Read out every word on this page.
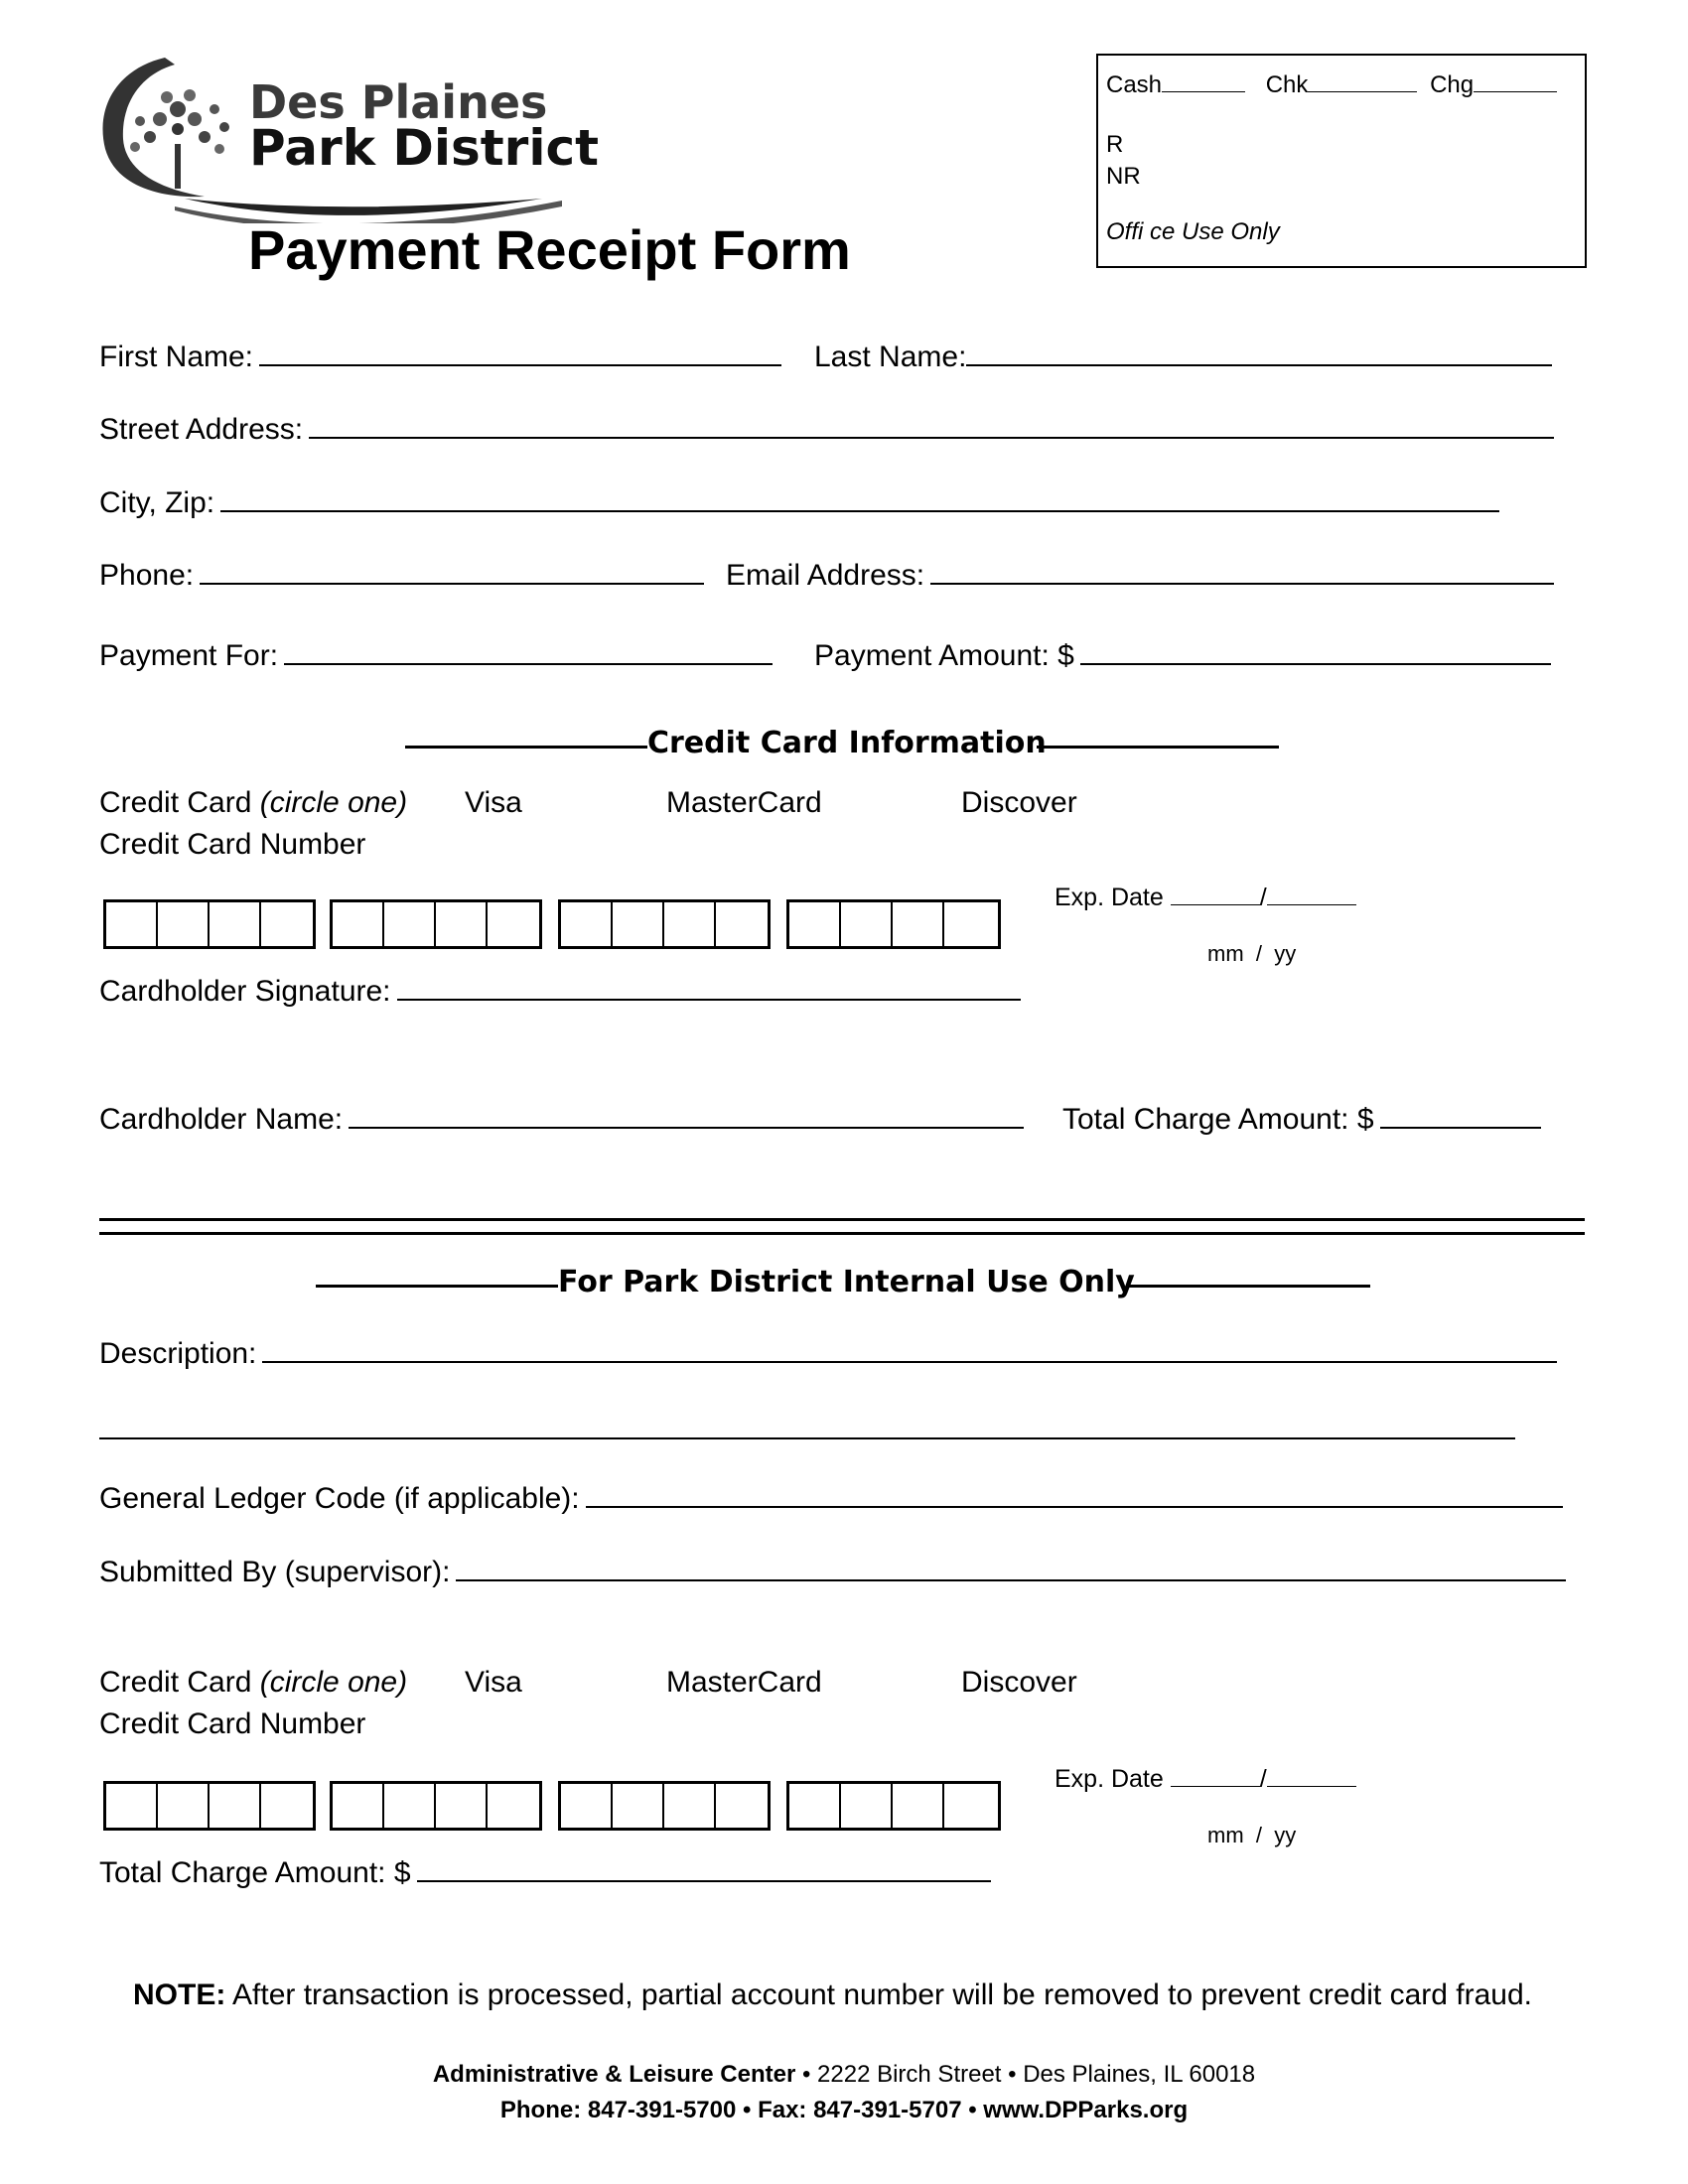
Des Plaines
Park District
Payment Receipt Form
Cash	Chk	Chg
R
NR
Offi ce Use Only
First Name:	Last Name:
Street Address:
City, Zip:
Phone:	Email Address:
Payment For:	Payment Amount: $
Credit Card Information
Credit Card (circle one) Visa	MasterCard	Discover
Credit Card Number
Exp. Date	/
mm  /  yy
Cardholder Signature:
Cardholder Name:	Total Charge Amount: $
For Park District Internal Use Only
Description:
General Ledger Code (if applicable):
Submitted By (supervisor):
Credit Card (circle one) Visa	MasterCard	Discover
Credit Card Number
Exp. Date	/
mm  /  yy
Total Charge Amount: $
NOTE: After transaction is processed, partial account number will be removed to prevent credit card fraud.
Administrative & Leisure Center • 2222 Birch Street • Des Plaines, IL 60018
Phone: 847-391-5700 • Fax: 847-391-5707 • www.DPParks.org
